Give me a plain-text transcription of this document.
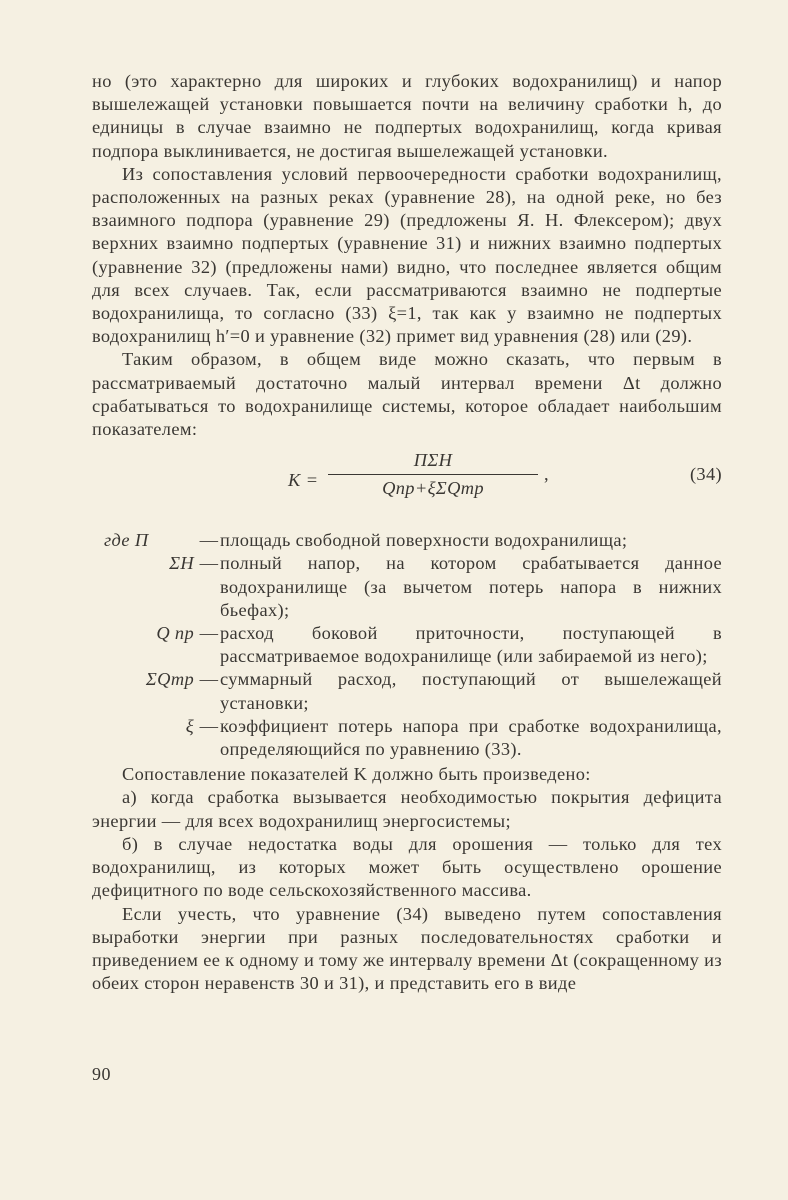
но (это характерно для широких и глубоких водохранилищ) и напор вышележащей установки повышается почти на величину сработки h, до единицы в случае взаимно не подпертых водохранилищ, когда кривая подпора выклинивается, не достигая вышележащей установки.

Из сопоставления условий первоочередности сработки водохранилищ, расположенных на разных реках (уравнение 28), на одной реке, но без взаимного подпора (уравнение 29) (предложены Я. Н. Флексером); двух верхних взаимно подпертых (уравнение 31) и нижних взаимно подпертых (уравнение 32) (предложены нами) видно, что последнее является общим для всех случаев. Так, если рассматриваются взаимно не подпертые водохранилища, то согласно (33) ξ=1, так как у взаимно не подпертых водохранилищ h′=0 и уравнение (32) примет вид уравнения (28) или (29).

Таким образом, в общем виде можно сказать, что первым в рассматриваемый достаточно малый интервал времени Δt должно срабатываться то водохранилище системы, которое обладает наибольшим показателем:

K =
ПΣH
Qпр+ξΣQтр
,	(34)
где П	— площадь свободной поверхности водохранилища;
ΣH — полный напор, на котором срабатывается данное водохранилище (за вычетом потерь напора в нижних бьефах);
Q пр — расход боковой приточности, поступающей в рассматриваемое водохранилище (или забираемой из него);
ΣQтр — суммарный расход, поступающий от вышележащей установки;
ξ — коэффициент потерь напора при сработке водохранилища, определяющийся по уравнению (33).

Сопоставление показателей K должно быть произведено:

а) когда сработка вызывается необходимостью покрытия дефицита энергии — для всех водохранилищ энергосистемы;

б) в случае недостатка воды для орошения — только для тех водохранилищ, из которых может быть осуществлено орошение дефицитного по воде сельскохозяйственного массива.

Если учесть, что уравнение (34) выведено путем сопоставления выработки энергии при разных последовательностях сработки и приведением ее к одному и тому же интервалу времени Δt (сокращенному из обеих сторон неравенств 30 и 31), и представить его в виде

90
